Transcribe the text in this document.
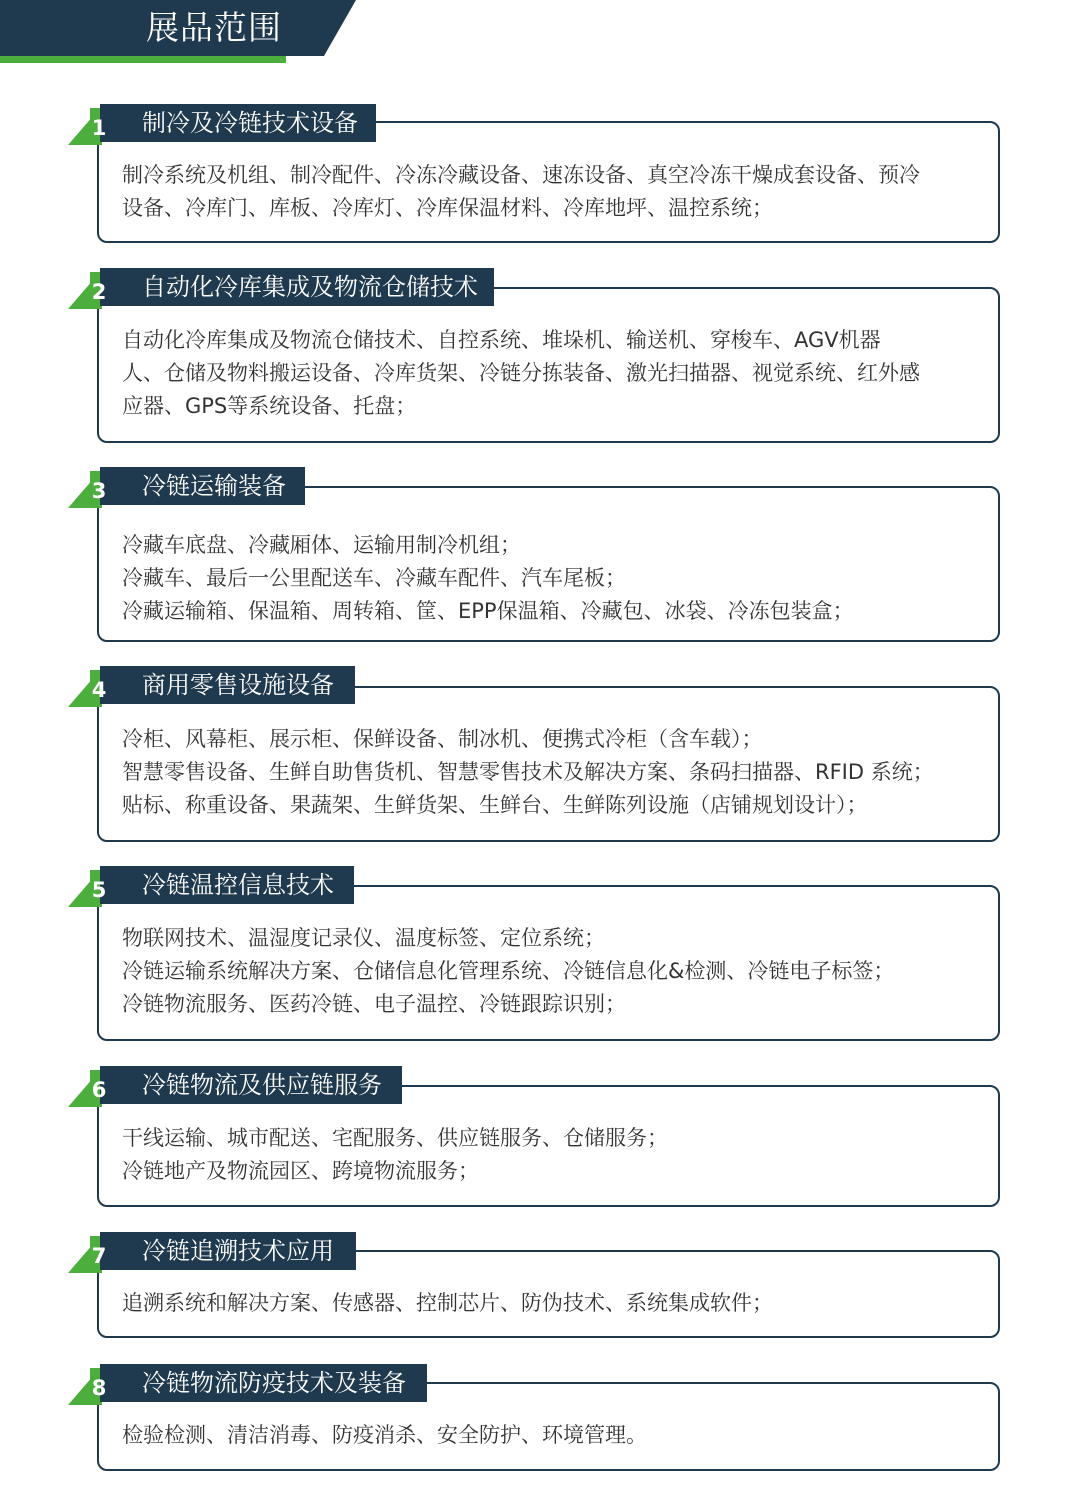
展品范围
制冷及冷链技术设备
1
制冷系统及机组、制冷配件、冷冻冷藏设备、速冻设备、真空冷冻干燥成套设备、预冷
设备、冷库门、库板、冷库灯、冷库保温材料、冷库地坪、温控系统；
自动化冷库集成及物流仓储技术
2
自动化冷库集成及物流仓储技术、自控系统、堆垛机、输送机、穿梭车、AGV机器
人、仓储及物料搬运设备、冷库货架、冷链分拣装备、激光扫描器、视觉系统、红外感
应器、GPS等系统设备、托盘；
冷链运输装备
3
冷藏车底盘、冷藏厢体、运输用制冷机组；
冷藏车、最后一公里配送车、冷藏车配件、汽车尾板；
冷藏运输箱、保温箱、周转箱、筐、EPP保温箱、冷藏包、冰袋、冷冻包装盒；
商用零售设施设备
4
冷柜、风幕柜、展示柜、保鲜设备、制冰机、便携式冷柜（含车载）；
智慧零售设备、生鲜自助售货机、智慧零售技术及解决方案、条码扫描器、RFID 系统；
贴标、称重设备、果蔬架、生鲜货架、生鲜台、生鲜陈列设施（店铺规划设计）；
冷链温控信息技术
5
物联网技术、温湿度记录仪、温度标签、定位系统；
冷链运输系统解决方案、仓储信息化管理系统、冷链信息化&检测、冷链电子标签；
冷链物流服务、医药冷链、电子温控、冷链跟踪识别；
冷链物流及供应链服务
6
干线运输、城市配送、宅配服务、供应链服务、仓储服务；
冷链地产及物流园区、跨境物流服务；
冷链追溯技术应用
7
追溯系统和解决方案、传感器、控制芯片、防伪技术、系统集成软件；
冷链物流防疫技术及装备
8
检验检测、清洁消毒、防疫消杀、安全防护、环境管理。
